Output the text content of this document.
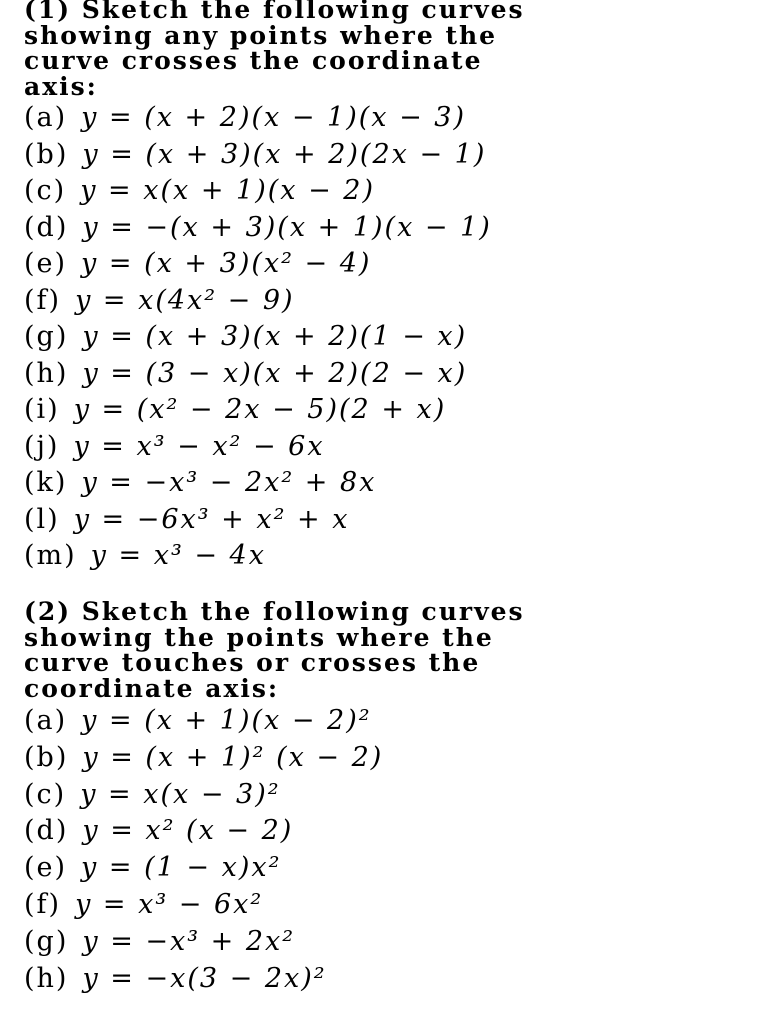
(1) Sketch the following curves
showing any points where the
curve crosses the coordinate
axis:
(a) y = (x + 2)(x − 1)(x − 3)
(b) y = (x + 3)(x + 2)(2x − 1)
(c) y = x(x + 1)(x − 2)
(d) y = −(x + 3)(x + 1)(x − 1)
(e) y = (x + 3)(x² − 4)
(f) y = x(4x² − 9)
(g) y = (x + 3)(x + 2)(1 − x)
(h) y = (3 − x)(x + 2)(2 − x)
(i) y = (x² − 2x − 5)(2 + x)
(j) y = x³ − x² − 6x
(k) y = −x³ − 2x² + 8x
(l) y = −6x³ + x² + x
(m) y = x³ − 4x
(2) Sketch the following curves
showing the points where the
curve touches or crosses the
coordinate axis:
(a) y = (x + 1)(x − 2)²
(b) y = (x + 1)² (x − 2)
(c) y = x(x − 3)²
(d) y = x² (x − 2)
(e) y = (1 − x)x²
(f) y = x³ − 6x²
(g) y = −x³ + 2x²
(h) y = −x(3 − 2x)²
